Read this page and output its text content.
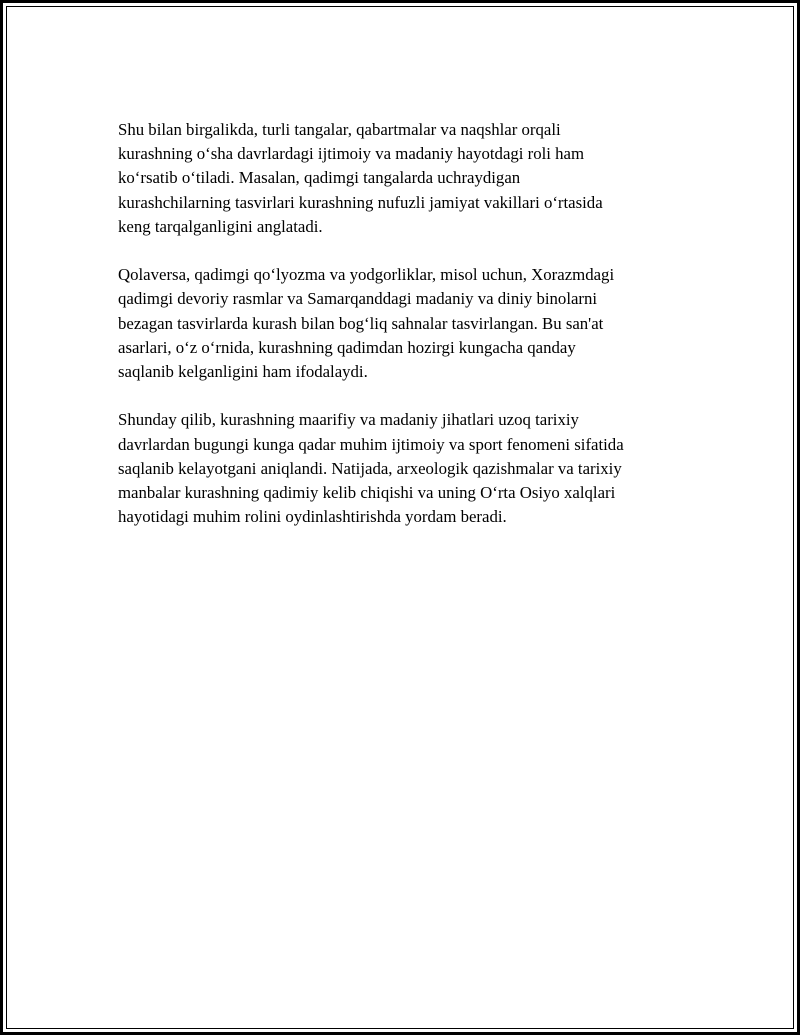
Shu bilan birgalikda, turli tangalar, qabartmalar va naqshlar orqali
kurashning oʻsha davrlardagi ijtimoiy va madaniy hayotdagi roli ham
koʻrsatib oʻtiladi. Masalan, qadimgi tangalarda uchraydigan
kurashchilarning tasvirlari kurashning nufuzli jamiyat vakillari oʻrtasida
keng tarqalganligini anglatadi.

Qolaversa, qadimgi qoʻlyozma va yodgorliklar, misol uchun, Xorazmdagi
qadimgi devoriy rasmlar va Samarqanddagi madaniy va diniy binolarni
bezagan tasvirlarda kurash bilan bogʻliq sahnalar tasvirlangan. Bu san'at
asarlari, oʻz oʻrnida, kurashning qadimdan hozirgi kungacha qanday
saqlanib kelganligini ham ifodalaydi.

Shunday qilib, kurashning maarifiy va madaniy jihatlari uzoq tarixiy
davrlardan bugungi kunga qadar muhim ijtimoiy va sport fenomeni sifatida
saqlanib kelayotgani aniqlandi. Natijada, arxeologik qazishmalar va tarixiy
manbalar kurashning qadimiy kelib chiqishi va uning Oʻrta Osiyo xalqlari
hayotidagi muhim rolini oydinlashtirishda yordam beradi.
